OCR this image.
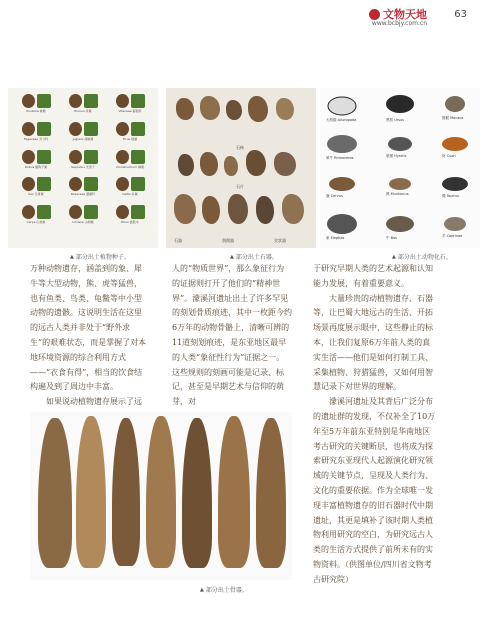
文物天地
www.bcbjy.com.cn
63
Pouteria 桃榄	Prunus 李属	Vitaceae 葡萄科
Fagaceae 壳斗科	Juglans 胡桃属	Ficus 榕属
Rubus 悬钩子属	Sapindus 无患子	Cinnamomum 樟属
Ilex 冬青属	Rosaceae 蔷薇科	Celtis 朴属
Carya 山核桃	Lindera 山胡椒	Rhus 盐肤木
▲ 部分出土植物种子。
石核
石片
石器	刮削器	尖状器
▲ 部分出土石器。
大熊猫 Ailuropoda	黑熊 Ursus	猕猴 Macaca
犀牛 Rhinoceros	豪猪 Hystrix	豺 Cuon
鹿 Cervus	麂 Muntiacus	貘 Tapirus
象 Elephas	牛 Bos	羊 Caprinae
▲ 部分出土动物化石。

万种动物遗存，涵盖到的象、犀牛等大型动物，熊、虎等猛兽，也有鱼类、鸟类、龟鳖等中小型动物的遗骸。这说明生活在这里的远古人类并非处于“野外求生”的艰难状态，而是掌握了对本地环境资源的综合利用方式——“衣食有得”，相当的饮食结构遍及到了周边中丰富。

如果说动植物遗存展示了远

人的“物质世界”，那么象征行为的证据则打开了他们的“精神世界”。濛溪河遗址出土了许多罕见的刻划骨质痕迹，其中一枚距今约6万年的动物骨骼上，清晰可辨的11道刻划痕迹，是东亚地区最早的人类“象征性行为”证据之一。这些规则的刻画可能是记录、标记，甚至是早期艺术与信仰的萌芽，对

于研究早期人类的艺术起源和认知能力发展，有着重要意义。

大量珍贵的动植物遗存、石器等，让巴蜀大地远古的生活、开拓场景再度展示眼中，这些静止的标本，让我们复原6万年前人类的真实生活——他们是如何打制工具、采集植物、狩猎猛兽，又如何用智慧记录下对世界的理解。

濛溪河遗址及其背后广泛分布的遗址群的发现，不仅补全了10万年至5万年前东亚特别是华南地区考古研究的关键断层，也将成为探索研究东亚现代人起源演化研究领域的关键节点，呈现及人类行为、文化的重要依据。作为全球唯一发现丰富植物遗存的旧石器时代中期遗址，其更是填补了该时期人类植物利用研究的空白，为研究远古人类的生活方式提供了前所未有的实物资料。（供图单位/四川省文物考古研究院）

▲ 部分出土骨器。
